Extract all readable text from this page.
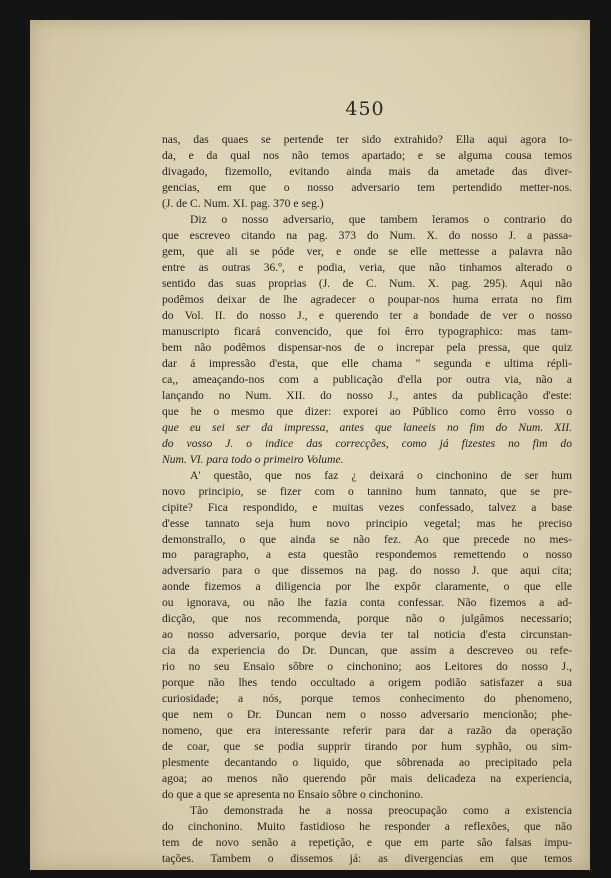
450
nas, das quaes se pertende ter sido extrahido? Ella aqui agora to-
da, e da qual nos não temos apartado; e se alguma cousa temos
divagado, fizemollo, evitando ainda mais da ametade das diver-
gencias, em que o nosso adversario tem pertendido metter-nos.
(J. de C. Num. XI. pag. 370 e seg.)
Diz o nosso adversario, que tambem leramos o contrario do
que escreveo citando na pag. 373 do Num. X. do nosso J. a passa-
gem, que ali se póde ver, e onde se elle mettesse a palavra não
entre as outras 36.º, e podia, veria, que não tinhamos alterado o
sentido das suas proprias (J. de C. Num. X. pag. 295). Aqui não
podêmos deixar de lhe agradecer o poupar-nos huma errata no fim
do Vol. II. do nosso J., e querendo ter a bondade de ver o nosso
manuscripto ficará convencido, que foi êrro typographico: mas tam-
bem não podêmos dispensar-nos de o increpar pela pressa, que quiz
dar á impressão d'esta, que elle chama " segunda e ultima répli-
ca,, ameaçando-nos com a publicação d'ella por outra via, não a
lançando no Num. XII. do nosso J., antes da publicação d'este:
que he o mesmo que dizer: exporei ao Público como êrro vosso o
que eu sei ser da impressa, antes que laneeis no fim do Num. XII.
do vosso J. o indice das correcções, como já fizestes no fim do
Num. VI. para todo o primeiro Volume.
A' questão, que nos faz ¿ deixará o cinchonino de ser hum
novo principio, se fizer com o tannino hum tannato, que se pre-
cipite? Fica respondido, e muitas vezes confessado, talvez a base
d'esse tannato seja hum novo principio vegetal; mas he preciso
demonstrallo, o que ainda se não fez. Ao que precede no mes-
mo paragrapho, a esta questão respondemos remettendo o nosso
adversario para o que dissemos na pag. do nosso J. que aqui cita;
aonde fizemos a diligencia por lhe expôr claramente, o que elle
ou ignorava, ou não lhe fazia conta confessar. Não fizemos a ad-
dicção, que nos recommenda, porque não o julgâmos necessario;
ao nosso adversario, porque devia ter tal noticia d'esta circunstan-
cia da experiencia do Dr. Duncan, que assim a descreveo ou refe-
rio no seu Ensaio sôbre o cinchonino; aos Leitores do nosso J.,
porque não lhes tendo occultado a origem podião satisfazer a sua
curiosidade; a nós, porque temos conhecimento do phenomeno,
que nem o Dr. Duncan nem o nosso adversario mencionão; phe-
nomeno, que era interessante referir para dar a razão da operação
de coar, que se podia supprir tirando por hum syphão, ou sim-
plesmente decantando o liquido, que sôbrenada ao precipitado pela
agoa; ao menos não querendo pôr mais delicadeza na experiencia,
do que a que se apresenta no Ensaio sôbre o cinchonino.
Tão demonstrada he a nossa preocupação como a existencia
do cinchonino. Muito fastidioso he responder a reflexões, que não
tem de novo senão a repetição, e que em parte são falsas impu-
tações. Tambem o dissemos já: as divergencias em que temos
